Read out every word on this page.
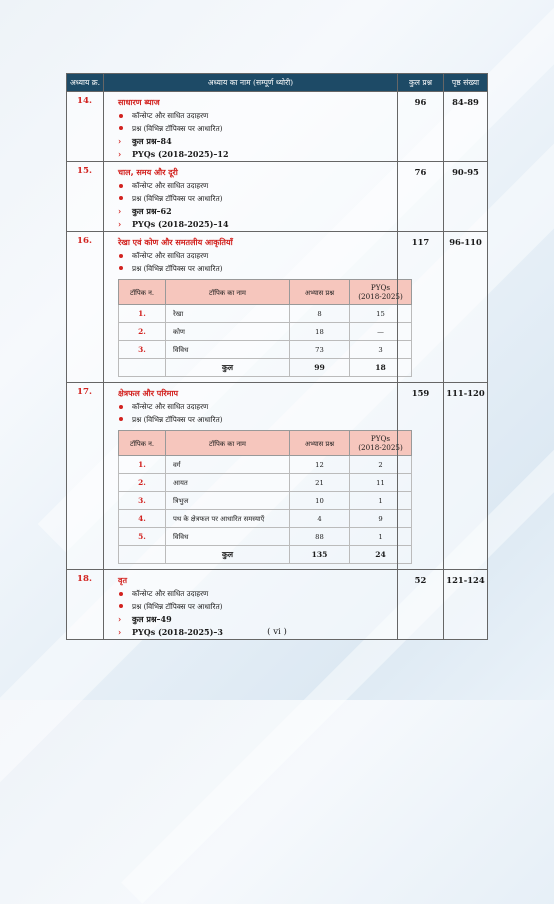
अध्याय क्र.	अध्याय का नाम (सम्पूर्ण थ्योरी)	कुल प्रश्न	पृष्ठ संख्या
14.	साधारण ब्याज
कॉन्सेप्ट और साधित उदाहरण
प्रश्न (विभिन्न टॉपिक्स पर आधारित)
› कुल प्रश्न–84
› PYQs (2018-2025)–12
	96	84-89
15.	चाल, समय और दूरी
कॉन्सेप्ट और साधित उदाहरण
प्रश्न (विभिन्न टॉपिक्स पर आधारित)
› कुल प्रश्न–62
› PYQs (2018-2025)–14
	76	90-95
16.	रेखा एवं कोण और समतलीय आकृतियाँ
कॉन्सेप्ट और साधित उदाहरण
प्रश्न (विभिन्न टॉपिक्स पर आधारित)
टॉपिक न.	टॉपिक का नाम	अभ्यास प्रश्न	PYQs
(2018-2025)
1.	रेखा	8	15
2.	कोण	18	—
3.	विविध	73	3
	कुल	99	18
	117	96-110
17.	क्षेत्रफल और परिमाप
कॉन्सेप्ट और साधित उदाहरण
प्रश्न (विभिन्न टॉपिक्स पर आधारित)
टॉपिक न.	टॉपिक का नाम	अभ्यास प्रश्न	PYQs
(2018-2025)
1.	वर्ग	12	2
2.	आयत	21	11
3.	त्रिभुज	10	1
4.	पथ के क्षेत्रफल पर आधारित समस्याएँ	4	9
5.	विविध	88	1
	कुल	135	24
	159	111-120
18.	वृत
कॉन्सेप्ट और साधित उदाहरण
प्रश्न (विभिन्न टॉपिक्स पर आधारित)
› कुल प्रश्न–49
› PYQs (2018-2025)–3
	52	121-124
( vi )
